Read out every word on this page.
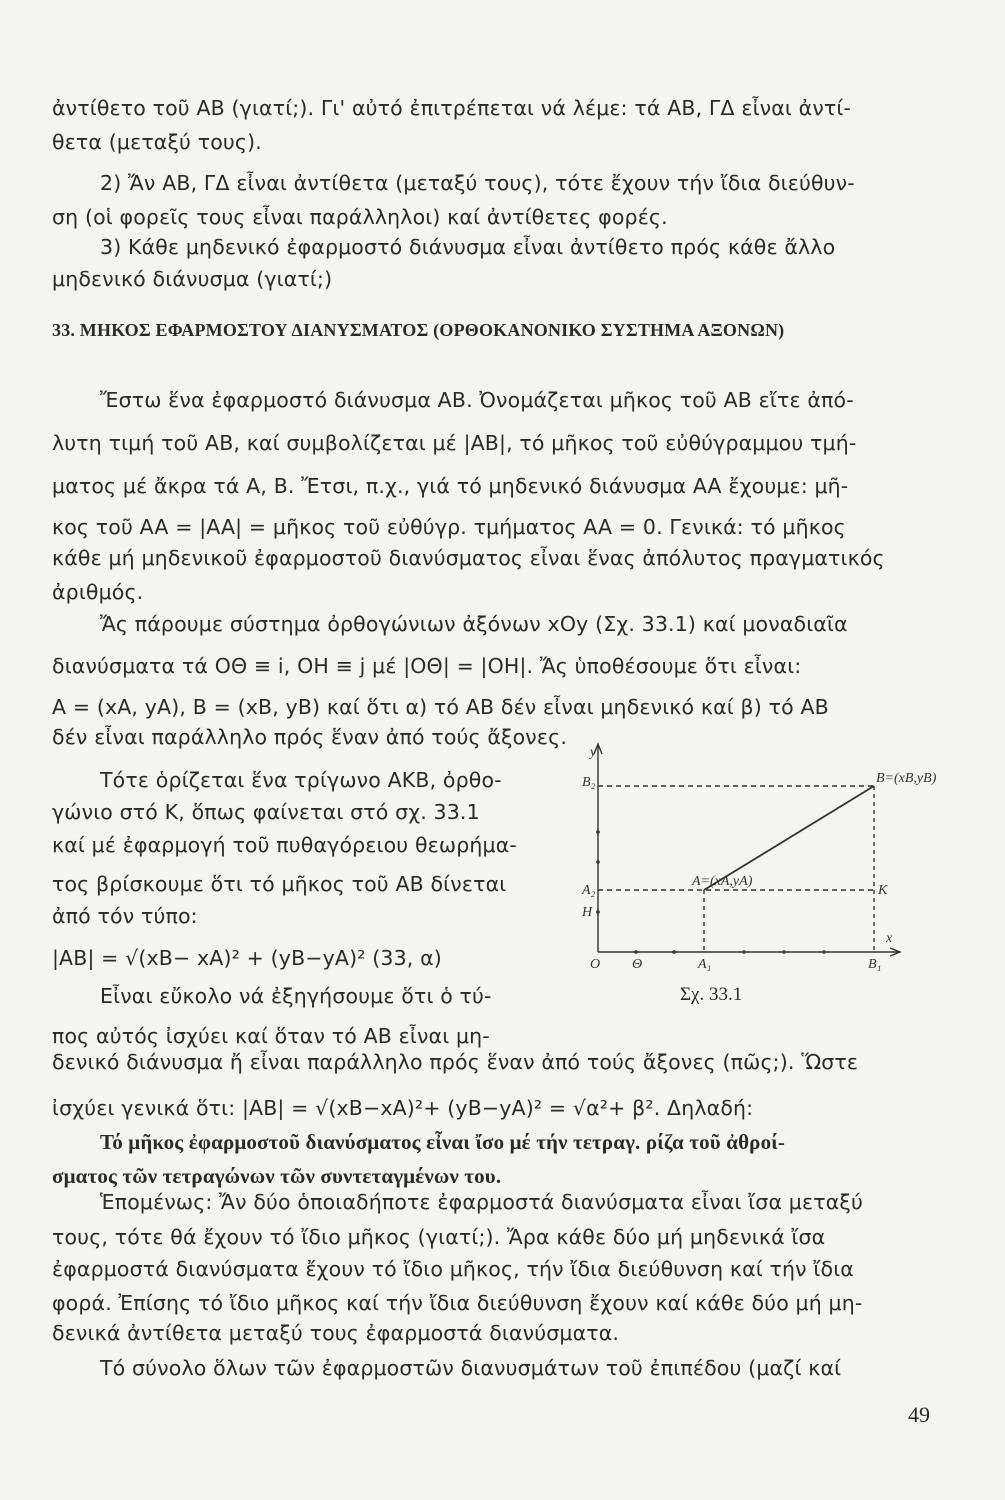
ἀντίθετο τοῦ AB (γιατί;). Γι' αὐτό ἐπιτρέπεται νά λέμε: τά AB, ΓΔ εἶναι ἀντί-
θετα (μεταξύ τους).
2) Ἄν AB, ΓΔ εἶναι ἀντίθετα (μεταξύ τους), τότε ἔχουν τήν ἴδια διεύθυν-
ση (οἱ φορεῖς τους εἶναι παράλληλοι) καί ἀντίθετες φορές.
3) Κάθε μηδενικό ἐφαρμοστό διάνυσμα εἶναι ἀντίθετο πρός κάθε ἄλλο
μηδενικό διάνυσμα (γιατί;)
33. ΜΗΚΟΣ ΕΦΑΡΜΟΣΤΟΥ ΔΙΑΝΥΣΜΑΤΟΣ (ΟΡΘΟΚΑΝΟΝΙΚΟ ΣΥΣΤΗΜΑ ΑΞΟΝΩΝ)
Ἔστω ἕνα ἐφαρμοστό διάνυσμα AB. Ὀνομάζεται μῆκος τοῦ AB εἴτε ἀπό-
λυτη τιμή τοῦ AB, καί συμβολίζεται μέ |AB|, τό μῆκος τοῦ εὐθύγραμμου τμή-
ματος μέ ἄκρα τά A, B. Ἔτσι, π.χ., γιά τό μηδενικό διάνυσμα AA ἔχουμε: μῆ-
κος τοῦ AA = |AA| = μῆκος τοῦ εὐθύγρ. τμήματος AA = 0. Γενικά: τό μῆκος
κάθε μή μηδενικοῦ ἐφαρμοστοῦ διανύσματος εἶναι ἕνας ἀπόλυτος πραγματικός
ἀριθμός.
Ἄς πάρουμε σύστημα ὀρθογώνιων ἀξόνων xOy (Σχ. 33.1) καί μοναδιαῖα
διανύσματα τά OΘ ≡ i, OH ≡ j μέ |OΘ| = |OH|. Ἄς ὑποθέσουμε ὅτι εἶναι:
A = (xA, yA), B = (xB, yB) καί ὅτι α) τό AB δέν εἶναι μηδενικό καί β) τό AB
δέν εἶναι παράλληλο πρός ἕναν ἀπό τούς ἄξονες.
Τότε ὁρίζεται ἕνα τρίγωνο AKB, ὀρθο-
γώνιο στό K, ὅπως φαίνεται στό σχ. 33.1
καί μέ ἐφαρμογή τοῦ πυθαγόρειου θεωρήμα-
τος βρίσκουμε ὅτι τό μῆκος τοῦ AB δίνεται
ἀπό τόν τύπο:
|AB| = √(xB− xA)² + (yB−yA)² (33, α)
Εἶναι εὔκολο νά ἐξηγήσουμε ὅτι ὁ τύ-
πος αὐτός ἰσχύει καί ὅταν τό AB εἶναι μη-
δενικό διάνυσμα ἤ εἶναι παράλληλο πρός ἕναν ἀπό τούς ἄξονες (πῶς;). Ὥστε
ἰσχύει γενικά ὅτι: |AB| = √(xB−xA)²+ (yB−yA)² = √α²+ β². Δηλαδή:
Τό μῆκος ἐφαρμοστοῦ διανύσματος εἶναι ἴσο μέ τήν τετραγ. ρίζα τοῦ ἀθροί-
σματος τῶν τετραγώνων τῶν συντεταγμένων του.
Ἑπομένως: Ἄν δύο ὁποιαδήποτε ἐφαρμοστά διανύσματα εἶναι ἴσα μεταξύ
τους, τότε θά ἔχουν τό ἴδιο μῆκος (γιατί;). Ἄρα κάθε δύο μή μηδενικά ἴσα
ἐφαρμοστά διανύσματα ἔχουν τό ἴδιο μῆκος, τήν ἴδια διεύθυνση καί τήν ἴδια
φορά. Ἐπίσης τό ἴδιο μῆκος καί τήν ἴδια διεύθυνση ἔχουν καί κάθε δύο μή μη-
δενικά ἀντίθετα μεταξύ τους ἐφαρμοστά διανύσματα.
Τό σύνολο ὅλων τῶν ἐφαρμοστῶν διανυσμάτων τοῦ ἐπιπέδου (μαζί καί
y
x
O Θ	A₁	B₁
H
A₂
B₂
A=(xA,yA)
B=(xB,yB)
K
Σχ. 33.1
49
